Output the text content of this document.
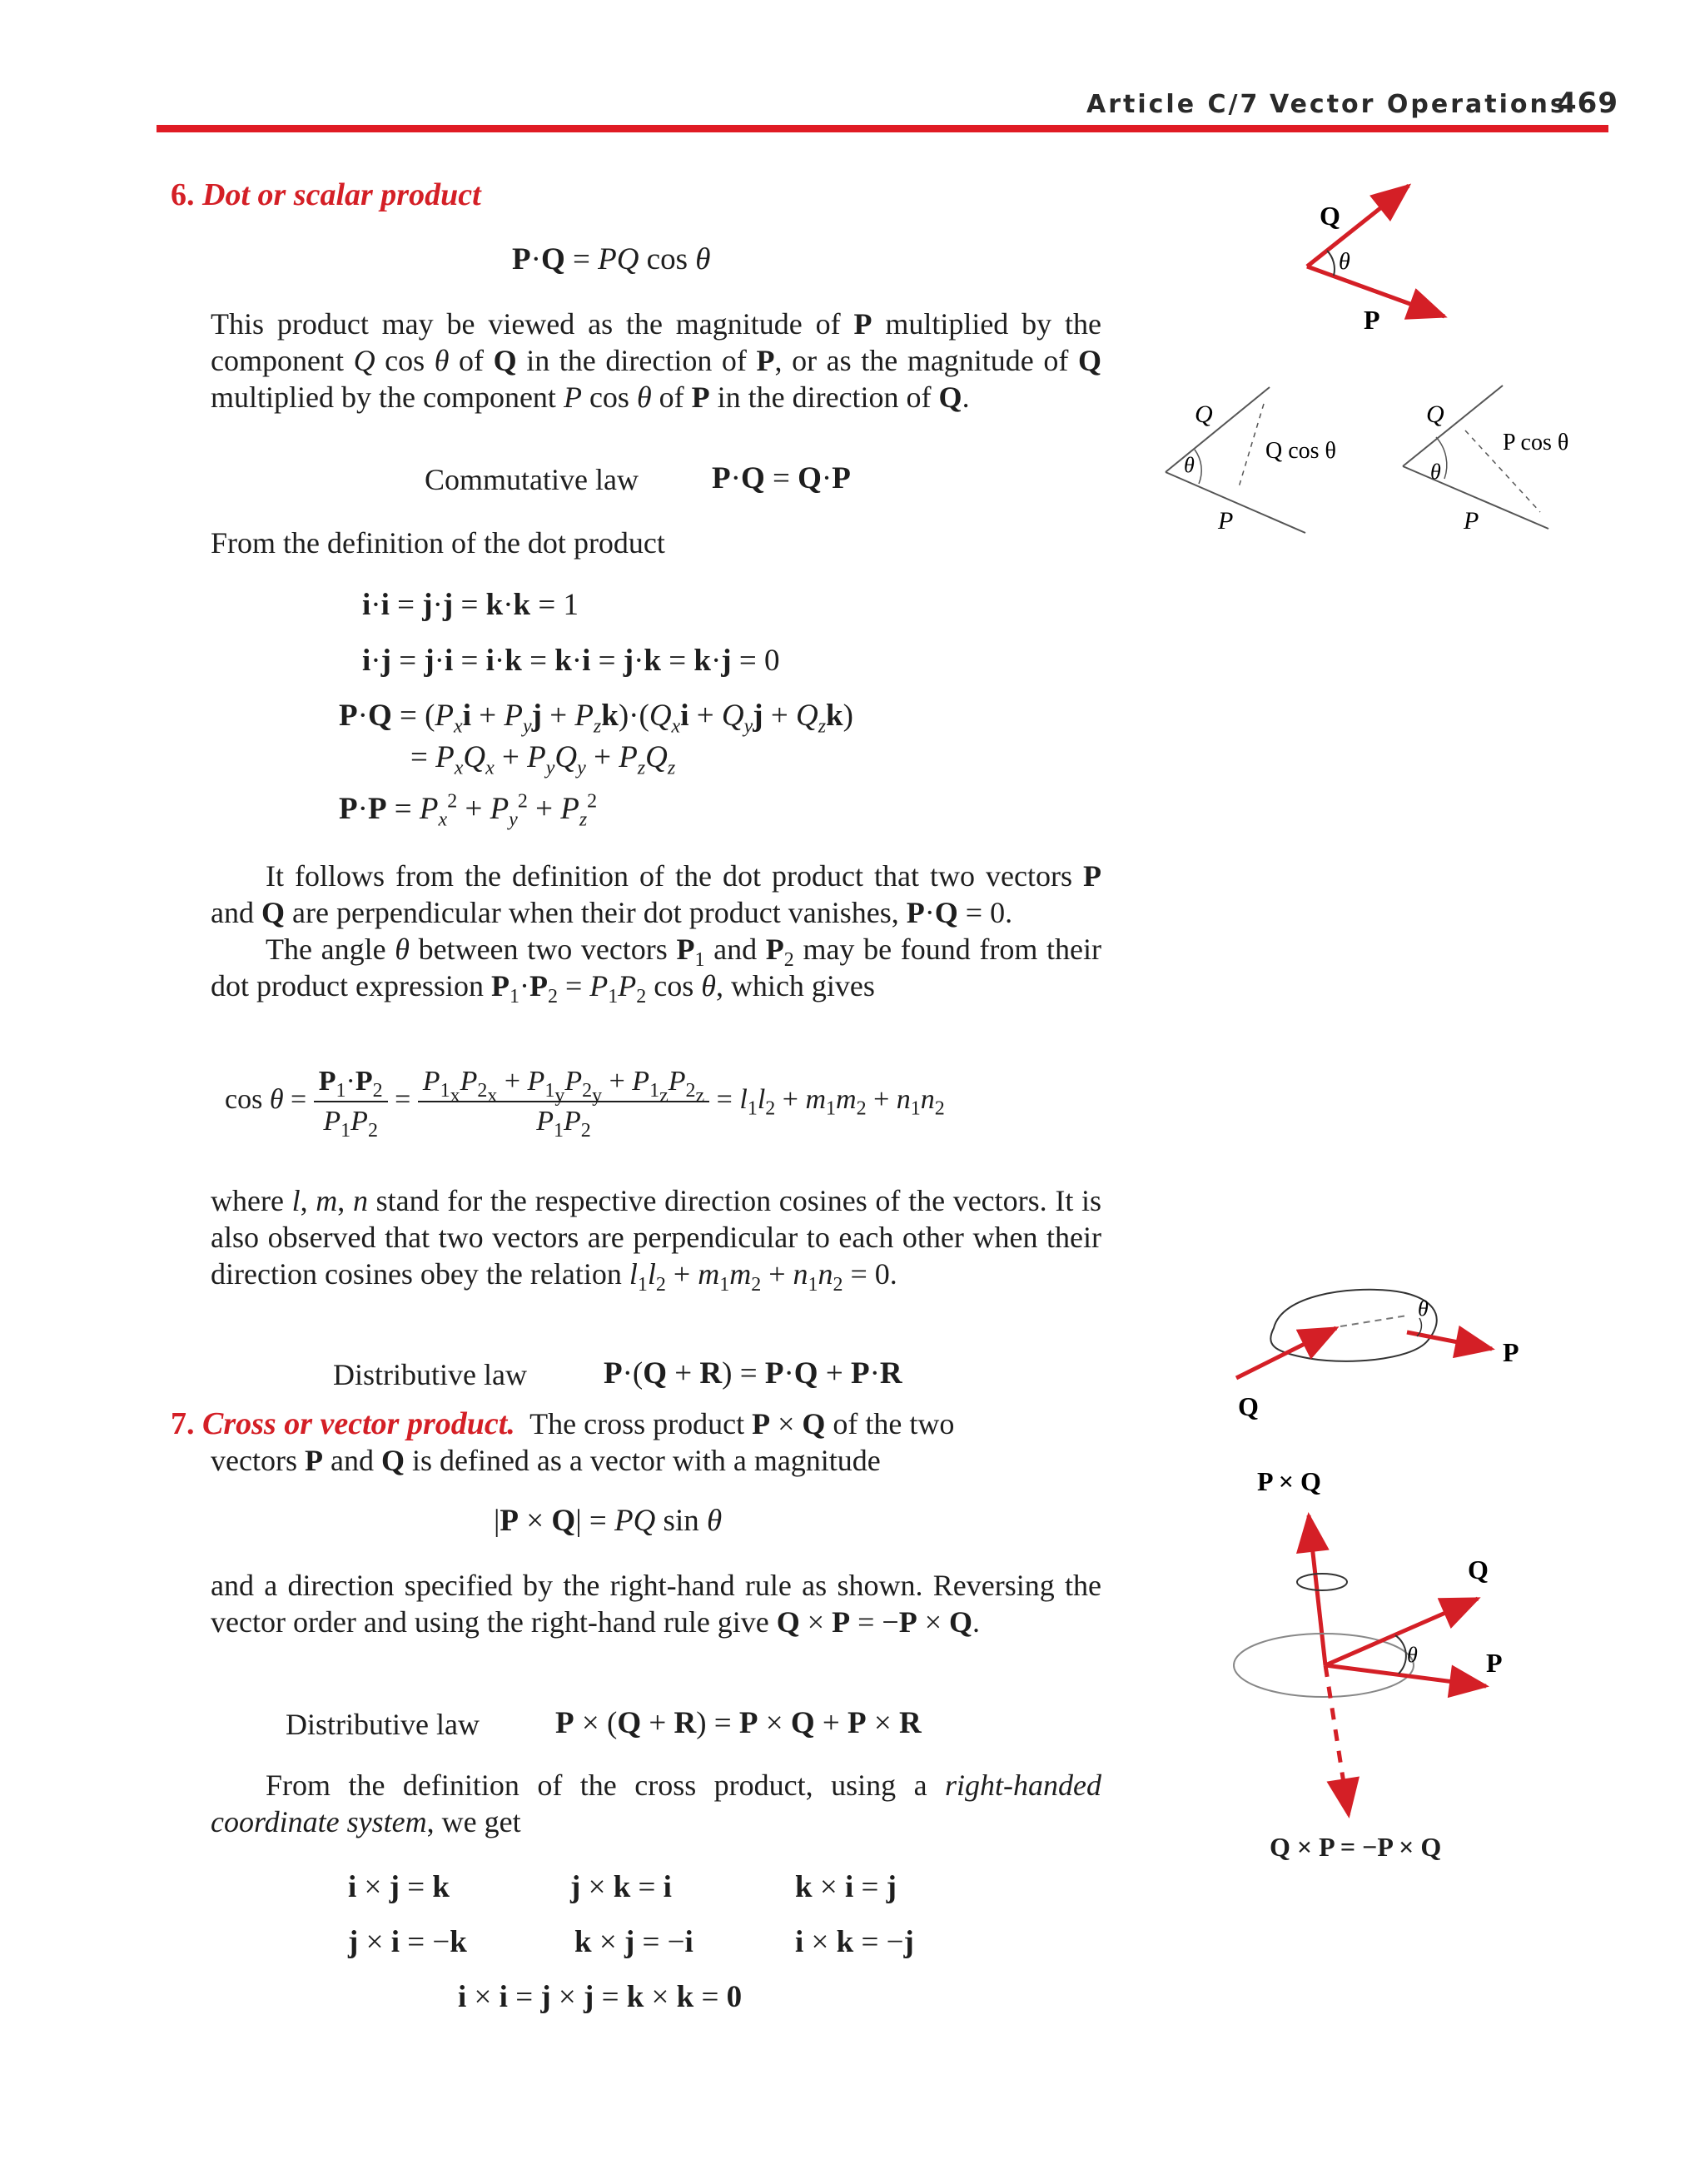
Article C/7 Vector Operations
469
6. Dot or scalar product
P·Q = PQ cos θ

This product may be viewed as the magnitude of P multiplied by the component Q cos θ of Q in the direction of P, or as the magnitude of Q multiplied by the component P cos θ of P in the direction of Q.

Commutative law P·Q = Q·P
From the definition of the dot product
i·i = j·j = k·k = 1
i·j = j·i = i·k = k·i = j·k = k·j = 0
$P\cdot Q = (P_xi + P_yj + P_zk)\cdot(Q_xi + Q_yj + Q_zk)$
= $P_xQ_x + P_yQ_y + P_zQ_z$
$P\cdot P = P_x^2 + P_y^2 + P_z^2$

It follows from the definition of the dot product that two vectors P and Q are perpendicular when their dot product vanishes, P·Q = 0.

The angle θ between two vectors $P_1$ and $P_2$ may be found from their dot product expression $P_1\cdot P_2 = P_1P_2$ cos θ, which gives

$\cos \theta = \frac{P_1\cdot P_2}{P_1P_2} = \frac{P_{1_x}P_{2_x} + P_{1_y}P_{2_y} + P_{1_z}P_{2_z}}{P_1P_2} = l_1l_2 + m_1m_2 + n_1n_2$

where l, m, n stand for the respective direction cosines of the vectors. It is also observed that two vectors are perpendicular to each other when their direction cosines obey the relation $l_1l_2 + m_1m_2 + n_1n_2 = 0$.

Distributive law P·(Q + R) = P·Q + P·R

7. Cross or vector product.  The cross product P × Q of the two

vectors P and Q is defined as a vector with a magnitude

|P × Q| = PQ sin θ

and a direction specified by the right-hand rule as shown. Reversing the vector order and using the right-hand rule give Q × P = −P × Q.

Distributive law P × (Q + R) = P × Q + P × R

From the definition of the cross product, using a right-handed coordinate system, we get

i × j = k	j × k = i	k × i = j
j × i = −k	k × j = −i	i × k = −j
i × i = j × j = k × k = 0
Q
θ
P
Q
θ
Q cos θ
P
Q
θ
P cos θ
P
Q
θ
P
P × Q
θ
Q
P
Q × P = −P × Q
